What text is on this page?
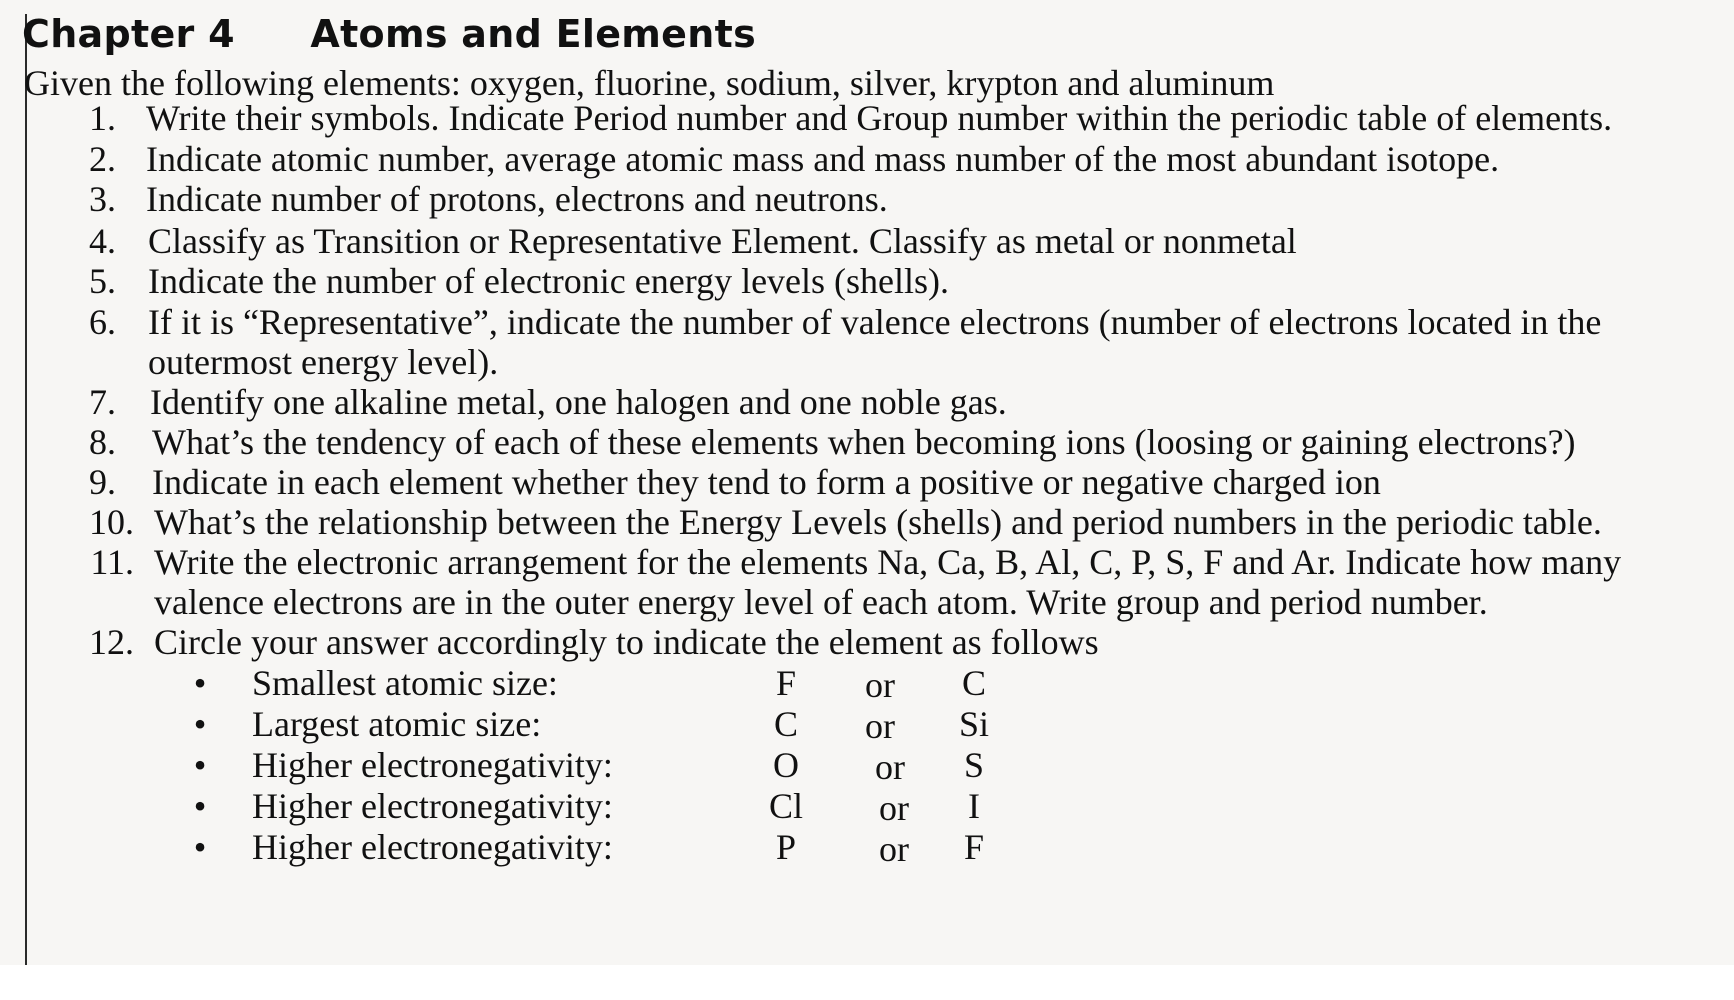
Chapter 4 Atoms and Elements
Given the following elements: oxygen, fluorine, sodium, silver, krypton and aluminum
1. Write their symbols. Indicate Period number and Group number within the periodic table of elements.
2. Indicate atomic number, average atomic mass and mass number of the most abundant isotope.
3. Indicate number of protons, electrons and neutrons.
4. Classify as Transition or Representative Element. Classify as metal or nonmetal
5. Indicate the number of electronic energy levels (shells).
6. If it is “Representative”, indicate the number of valence electrons (number of electrons located in the
outermost energy level).
7. Identify one alkaline metal, one halogen and one noble gas.
8. What’s the tendency of each of these elements when becoming ions (loosing or gaining electrons?)
9. Indicate in each element whether they tend to form a positive or negative charged ion
10. What’s the relationship between the Energy Levels (shells) and period numbers in the periodic table.
11. Write the electronic arrangement for the elements Na, Ca, B, Al, C, P, S, F and Ar. Indicate how many
valence electrons are in the outer energy level of each atom. Write group and period number.
12. Circle your answer accordingly to indicate the element as follows
• Smallest atomic size:	F	or	C
• Largest atomic size:	C	or	Si
• Higher electronegativity:	O	or	S
• Higher electronegativity:	Cl	or	I
• Higher electronegativity:	P	or	F
